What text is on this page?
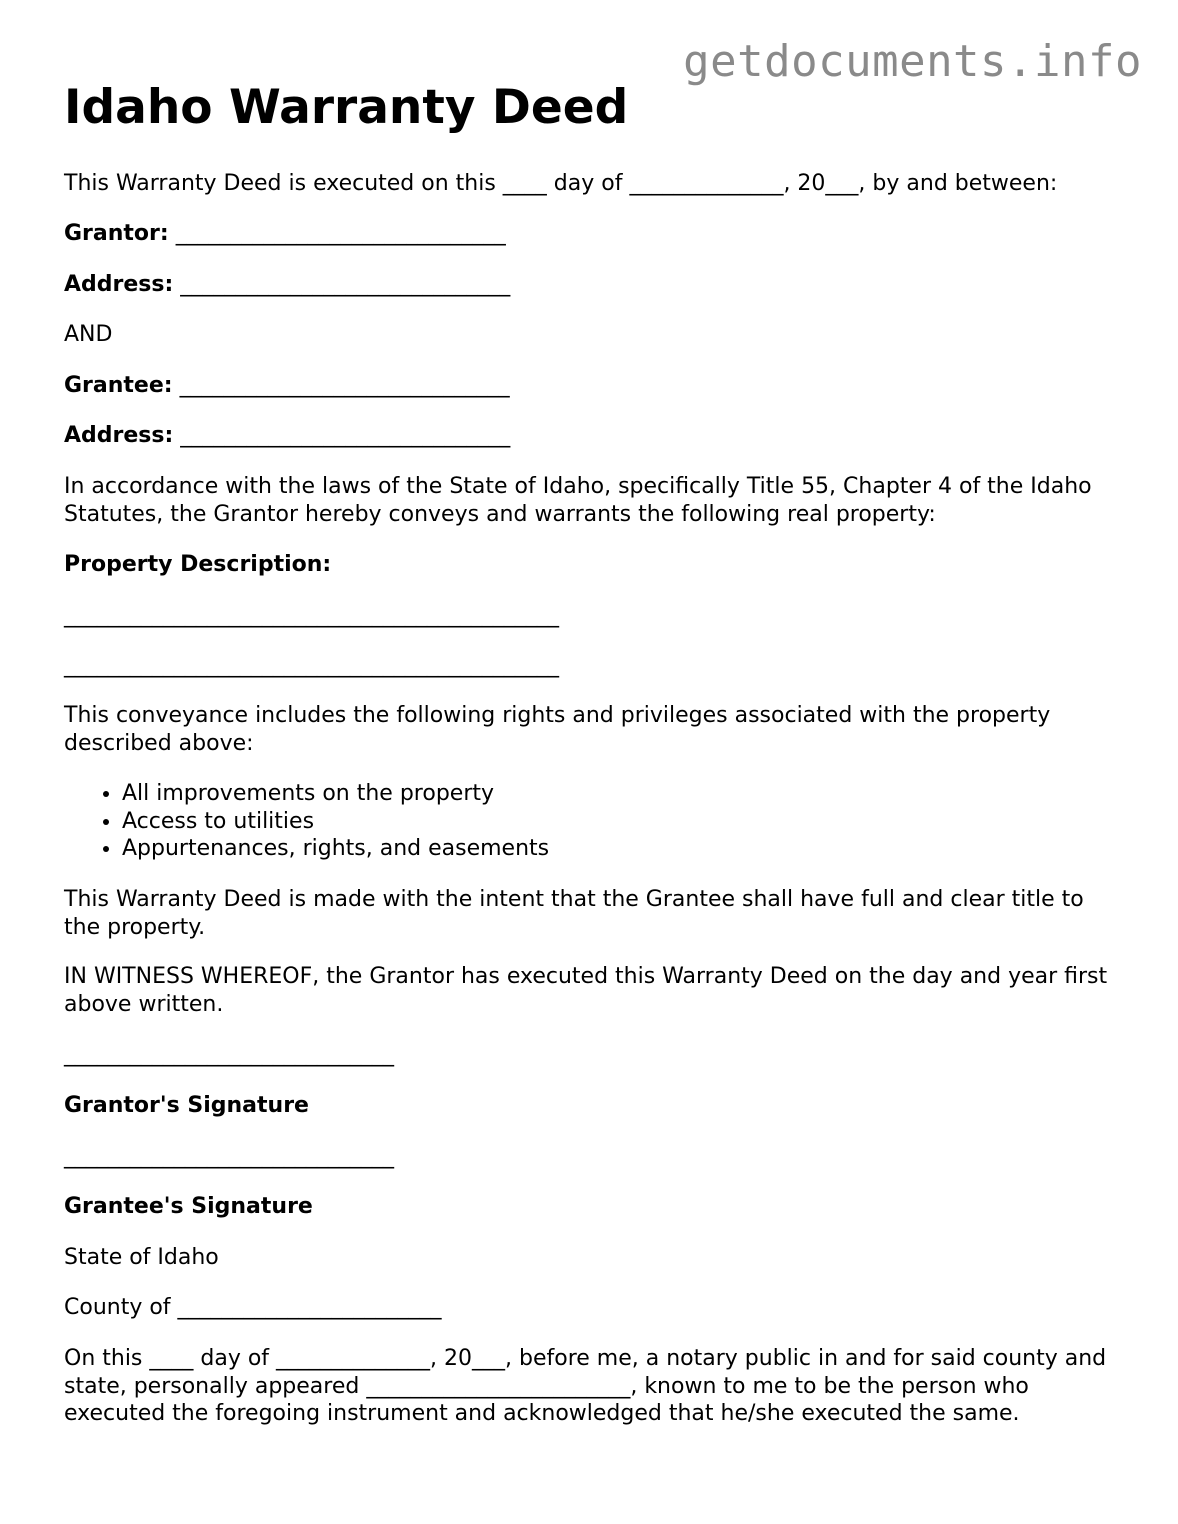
getdocuments.info
Idaho Warranty Deed

This Warranty Deed is executed on this ____ day of ______________, 20___, by and between:

Grantor: ______________________________

Address: ______________________________

AND

Grantee: ______________________________

Address: ______________________________

In accordance with the laws of the State of Idaho, specifically Title 55, Chapter 4 of the Idaho Statutes, the Grantor hereby conveys and warrants the following real property:

Property Description:

_____________________________________________

_____________________________________________

This conveyance includes the following rights and privileges associated with the property described above:

• All improvements on the property
• Access to utilities
• Appurtenances, rights, and easements

This Warranty Deed is made with the intent that the Grantee shall have full and clear title to the property.

IN WITNESS WHEREOF, the Grantor has executed this Warranty Deed on the day and year first above written.

______________________________

Grantor's Signature

______________________________

Grantee's Signature

State of Idaho

County of ________________________

On this ____ day of ______________, 20___, before me, a notary public in and for said county and state, personally appeared ________________________, known to me to be the person who executed the foregoing instrument and acknowledged that he/she executed the same.
